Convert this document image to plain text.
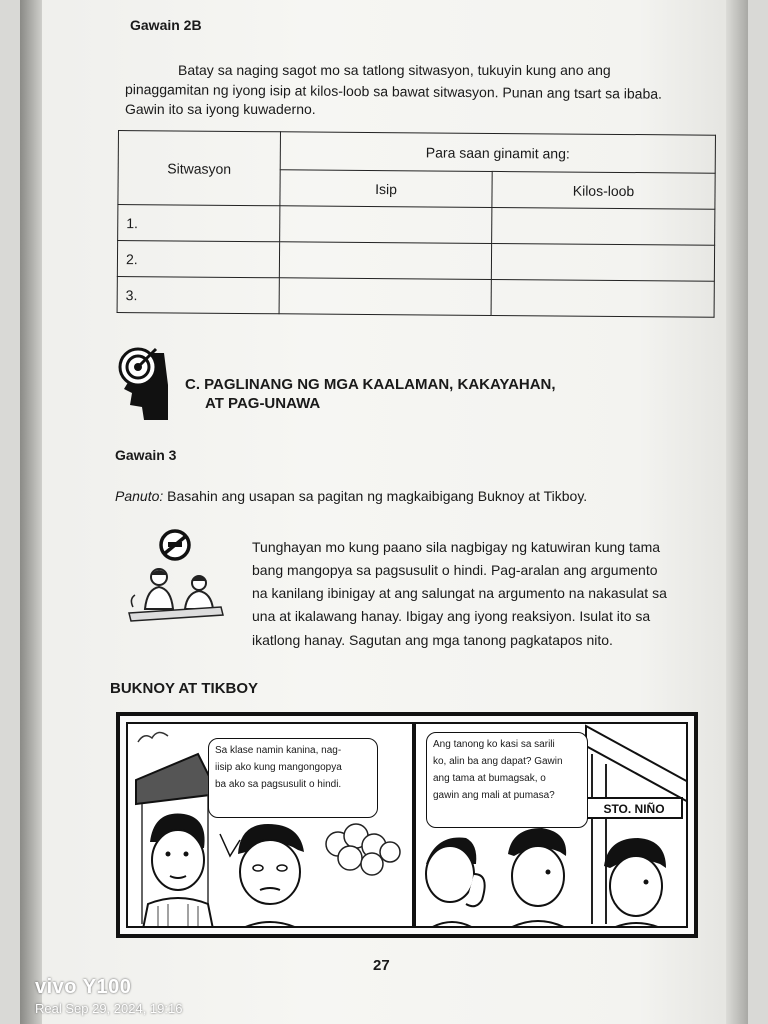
Gawain 2B
Batay sa naging sagot mo sa tatlong sitwasyon, tukuyin kung ano ang
pinaggamitan ng iyong isip at kilos-loob sa bawat sitwasyon. Punan ang tsart sa ibaba.
Gawin ito sa iyong kuwaderno.
Sitwasyon	Para saan ginamit ang:	
	Isip	Kilos-loob
1.		
2.		
3.		
C. PAGLINANG NG MGA KAALAMAN, KAKAYAHAN,
AT PAG-UNAWA
Gawain 3
Panuto: Basahin ang usapan sa pagitan ng magkaibigang Buknoy at Tikboy.
Tunghayan mo kung paano sila nagbigay ng katuwiran kung tama
bang mangopya sa pagsusulit o hindi. Pag-aralan ang argumento
na kanilang ibinigay at ang salungat na argumento na nakasulat sa
una at ikalawang hanay. Ibigay ang iyong reaksiyon. Isulat ito sa
ikatlong hanay. Sagutan ang mga tanong pagkatapos nito.
BUKNOY AT TIKBOY
Sa klase namin kanina, nag-
iisip ako kung mangongopya
ba ako sa pagsusulit o hindi.
STO. NIÑO
Ang tanong ko kasi sa sarili
ko, alin ba ang dapat? Gawin
ang tama at bumagsak, o
gawin ang mali at pumasa?
27
vivo Y100
Real Sep 29, 2024, 19:16
